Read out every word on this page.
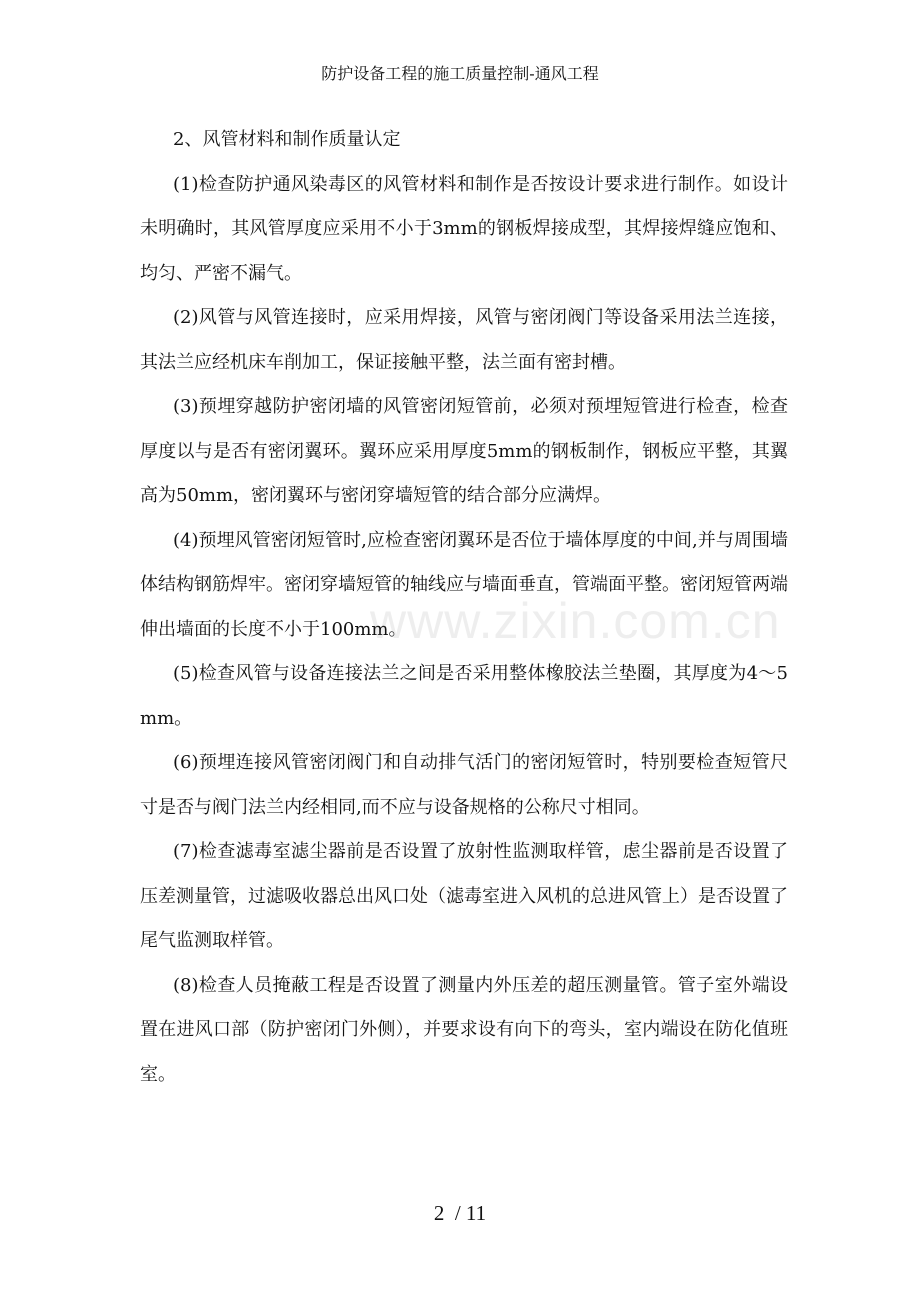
防护设备工程的施工质量控制-通风工程

2、风管材料和制作质量认定

(1)检查防护通风染毒区的风管材料和制作是否按设计要求进行制作。如设计未明确时，其风管厚度应采用不小于3mm的钢板焊接成型，其焊接焊缝应饱和、均匀、严密不漏气。

(2)风管与风管连接时，应采用焊接，风管与密闭阀门等设备采用法兰连接，其法兰应经机床车削加工，保证接触平整，法兰面有密封槽。

(3)预埋穿越防护密闭墙的风管密闭短管前，必须对预埋短管进行检查，检查厚度以与是否有密闭翼环。翼环应采用厚度5mm的钢板制作，钢板应平整，其翼高为50mm，密闭翼环与密闭穿墙短管的结合部分应满焊。

(4)预埋风管密闭短管时,应检查密闭翼环是否位于墙体厚度的中间,并与周围墙体结构钢筋焊牢。密闭穿墙短管的轴线应与墙面垂直，管端面平整。密闭短管两端伸出墙面的长度不小于100mm。

(5)检查风管与设备连接法兰之间是否采用整体橡胶法兰垫圈，其厚度为4～5mm。

(6)预埋连接风管密闭阀门和自动排气活门的密闭短管时，特别要检查短管尺寸是否与阀门法兰内经相同,而不应与设备规格的公称尺寸相同。

(7)检查滤毒室滤尘器前是否设置了放射性监测取样管，虑尘器前是否设置了压差测量管，过滤吸收器总出风口处（滤毒室进入风机的总进风管上）是否设置了尾气监测取样管。

(8)检查人员掩蔽工程是否设置了测量内外压差的超压测量管。管子室外端设置在进风口部（防护密闭门外侧），并要求设有向下的弯头，室内端设在防化值班室。

www.zixin.com.cn
2  / 11
